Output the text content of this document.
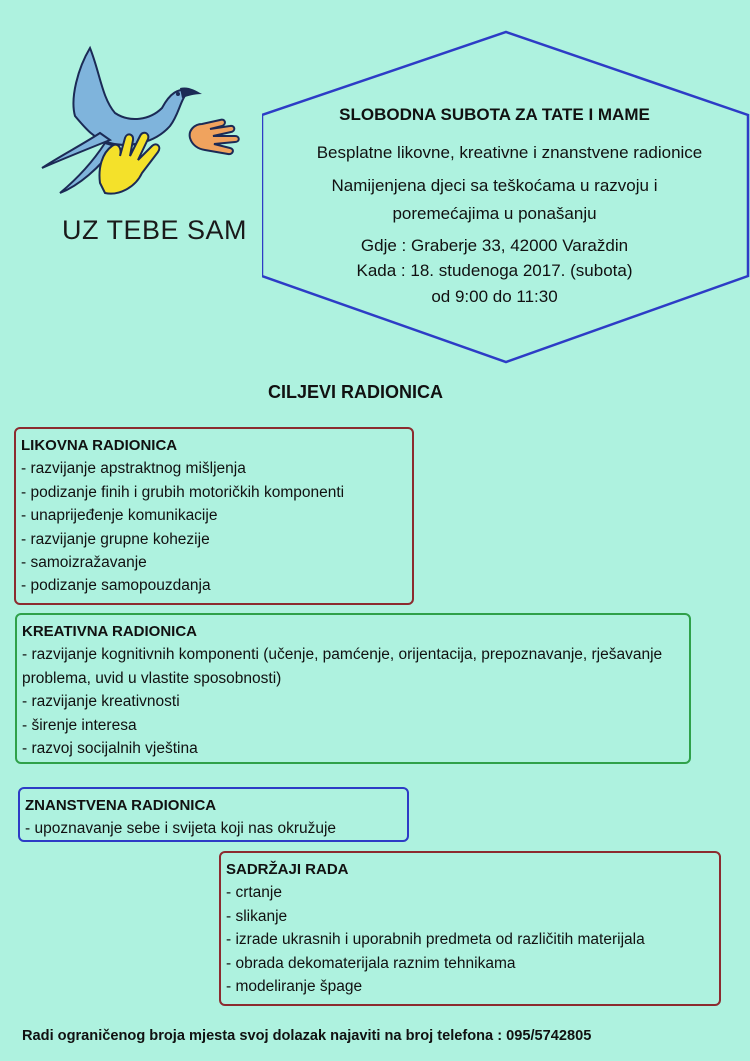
UZ TEBE SAM
SLOBODNA SUBOTA ZA TATE I MAME
Besplatne likovne, kreativne i znanstvene radionice
Namijenjena djeci sa teškoćama u razvoju i
poremećajima u ponašanju
Gdje : Graberje 33, 42000 Varaždin
Kada : 18. studenoga 2017. (subota)
od 9:00 do 11:30
CILJEVI RADIONICA
LIKOVNA RADIONICA
- razvijanje apstraktnog mišljenja
- podizanje finih i grubih motoričkih komponenti
- unaprijeđenje komunikacije
- razvijanje grupne kohezije
- samoizražavanje
- podizanje samopouzdanja
KREATIVNA RADIONICA
- razvijanje kognitivnih komponenti (učenje, pamćenje, orijentacija, prepoznavanje, rješavanje problema, uvid u vlastite sposobnosti)
- razvijanje kreativnosti
- širenje interesa
- razvoj socijalnih vještina
ZNANSTVENA RADIONICA
- upoznavanje sebe i svijeta koji nas okružuje
SADRŽAJI RADA
- crtanje
- slikanje
- izrade ukrasnih i uporabnih predmeta od različitih materijala
- obrada dekomaterijala raznim tehnikama
- modeliranje špage
Radi ograničenog broja mjesta svoj dolazak najaviti na broj telefona : 095/5742805
